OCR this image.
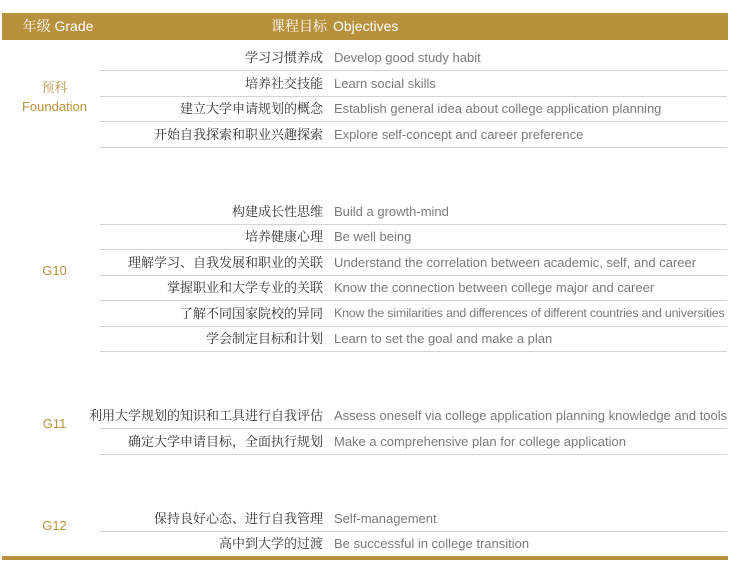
年级 Grade	课程目标 Objectives
预科
Foundation
学习习惯养成 Develop good study habit
培养社交技能 Learn social skills
建立大学申请规划的概念 Establish general idea about college application planning
开始自我探索和职业兴趣探索 Explore self-concept and career preference
G10
构建成长性思维 Build a growth-mind
培养健康心理 Be well being
理解学习、自我发展和职业的关联 Understand the correlation between academic, self, and career
掌握职业和大学专业的关联 Know the connection between college major and career
了解不同国家院校的异同 Know the similarities and differences of different countries and universities
学会制定目标和计划 Learn to set the goal and make a plan
G11
利用大学规划的知识和工具进行自我评估 Assess oneself via college application planning knowledge and tools
确定大学申请目标，全面执行规划 Make a comprehensive plan for college application
G12	保持良好心态、进行自我管理 Self-management
高中到大学的过渡 Be successful in college transition
